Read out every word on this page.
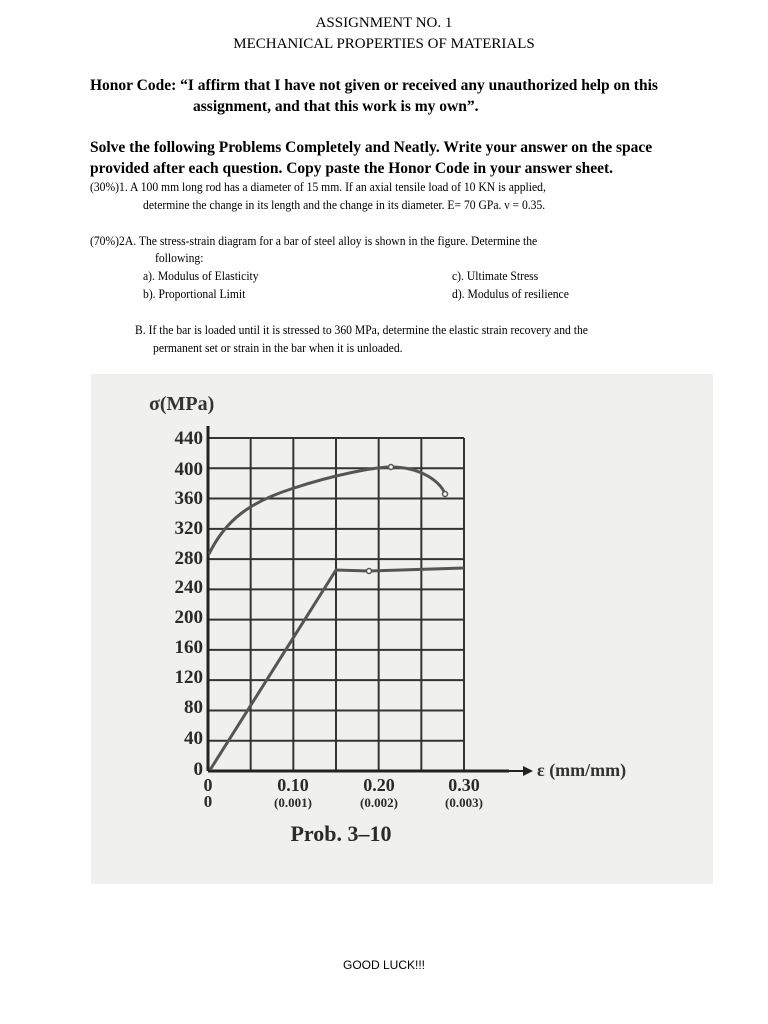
ASSIGNMENT NO. 1
MECHANICAL PROPERTIES OF MATERIALS
Honor Code: “I affirm that I have not given or received any unauthorized help on this
assignment, and that this work is my own”.
Solve the following Problems Completely and Neatly. Write your answer on the space
provided after each question. Copy paste the Honor Code in your answer sheet.
(30%)1. A 100 mm long rod has a diameter of 15 mm. If an axial tensile load of 10 KN is applied,
determine the change in its length and the change in its diameter. E= 70 GPa. ν = 0.35.
(70%)2A. The stress-strain diagram for a bar of steel alloy is shown in the figure. Determine the
following:
a). Modulus of Elasticity
b). Proportional Limit
c). Ultimate Stress
d). Modulus of resilience
B. If the bar is loaded until it is stressed to 360 MPa, determine the elastic strain recovery and the
permanent set or strain in the bar when it is unloaded.
440
400
360
320
280
240
200
160
120
80
40
0
σ(MPa)
0	0.10	0.20	0.30
0	(0.001)	(0.002)	(0.003)
ε (mm/mm)
Prob. 3–10
GOOD LUCK!!!
